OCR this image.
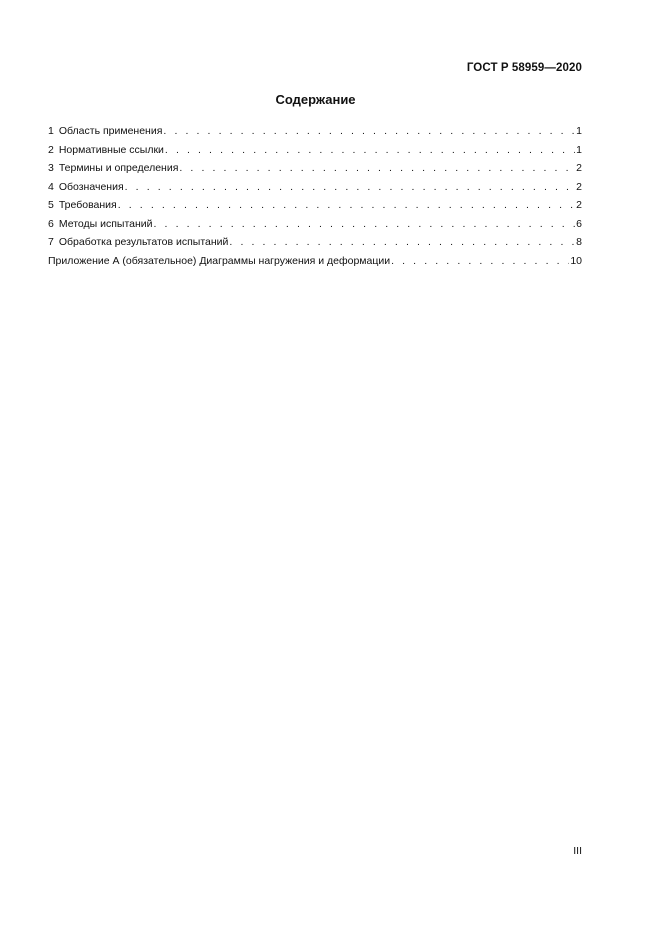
ГОСТ Р 58959—2020
Содержание
1 Область применения . . .	1
2 Нормативные ссылки . . .	1
3 Термины и определения . . .	2
4 Обозначения . . .	2
5 Требования . . .	2
6 Методы испытаний . . .	6
7 Обработка результатов испытаний . . .	8
Приложение А (обязательное) Диаграммы нагружения и деформации . . .	10
III
